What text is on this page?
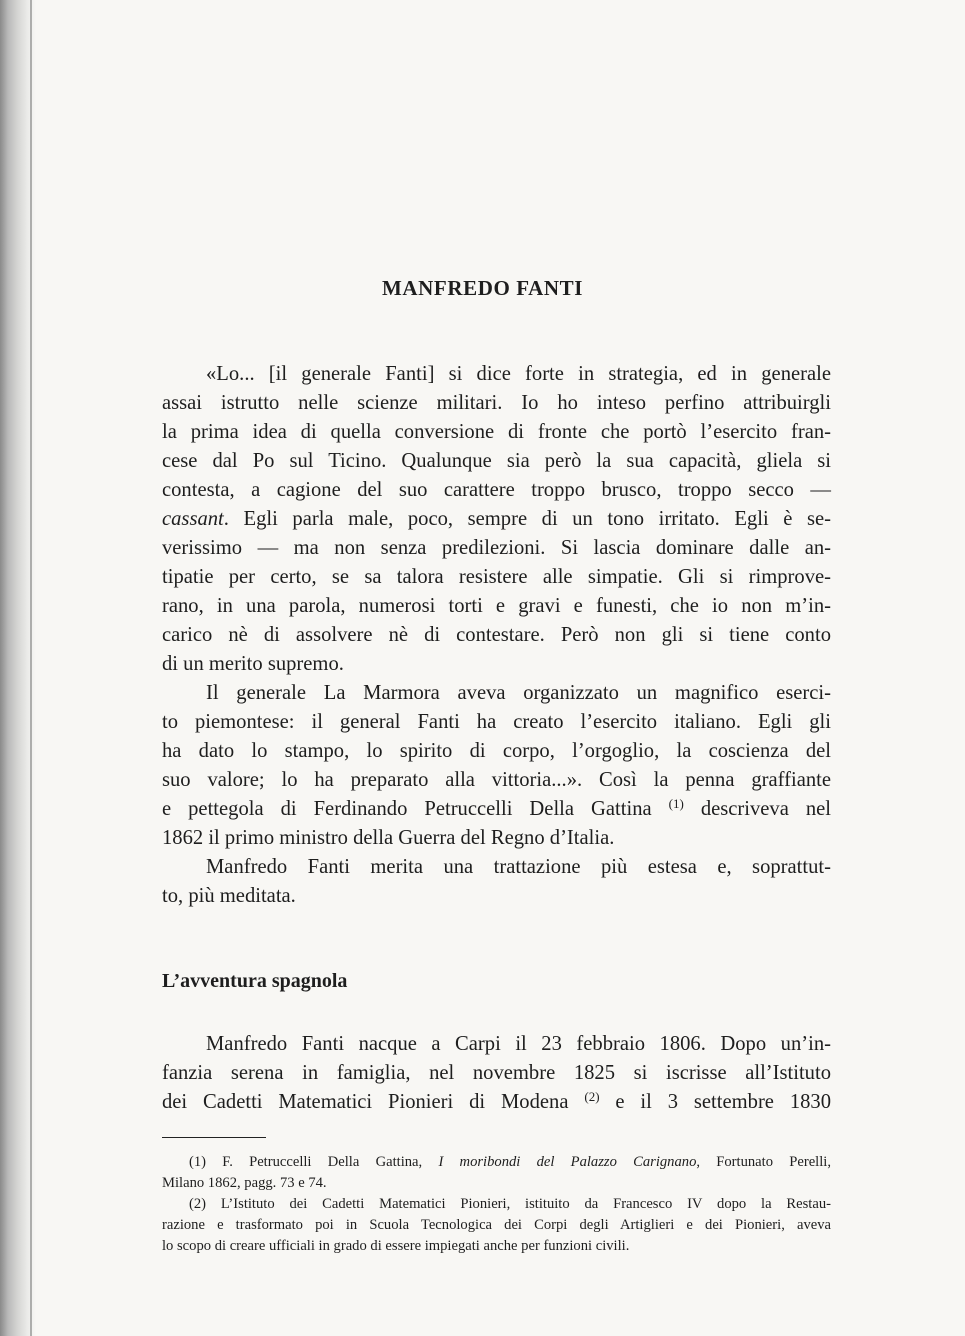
MANFREDO FANTI
«Lo... [il generale Fanti] si dice forte in strategia, ed in generale
assai istrutto nelle scienze militari. Io ho inteso perfino attribuirgli
la prima idea di quella conversione di fronte che portò l’esercito fran-
cese dal Po sul Ticino. Qualunque sia però la sua capacità, gliela si
contesta, a cagione del suo carattere troppo brusco, troppo secco —
cassant. Egli parla male, poco, sempre di un tono irritato. Egli è se-
verissimo — ma non senza predilezioni. Si lascia dominare dalle an-
tipatie per certo, se sa talora resistere alle simpatie. Gli si rimprove-
rano, in una parola, numerosi torti e gravi e funesti, che io non m’in-
carico nè di assolvere nè di contestare. Però non gli si tiene conto
di un merito supremo.
Il generale La Marmora aveva organizzato un magnifico eserci-
to piemontese: il general Fanti ha creato l’esercito italiano. Egli gli
ha dato lo stampo, lo spirito di corpo, l’orgoglio, la coscienza del
suo valore; lo ha preparato alla vittoria...». Così la penna graffiante
e pettegola di Ferdinando Petruccelli Della Gattina $^{(1)}$ descriveva nel
1862 il primo ministro della Guerra del Regno d’Italia.
Manfredo Fanti merita una trattazione più estesa e, soprattut-
to, più meditata.
L’avventura spagnola
Manfredo Fanti nacque a Carpi il 23 febbraio 1806. Dopo un’in-
fanzia serena in famiglia, nel novembre 1825 si iscrisse all’Istituto
dei Cadetti Matematici Pionieri di Modena $^{(2)}$ e il 3 settembre 1830
(1) F. Petruccelli Della Gattina, I moribondi del Palazzo Carignano, Fortunato Perelli,
Milano 1862, pagg. 73 e 74.
(2) L’Istituto dei Cadetti Matematici Pionieri, istituito da Francesco IV dopo la Restau-
razione e trasformato poi in Scuola Tecnologica dei Corpi degli Artiglieri e dei Pionieri, aveva
lo scopo di creare ufficiali in grado di essere impiegati anche per funzioni civili.
